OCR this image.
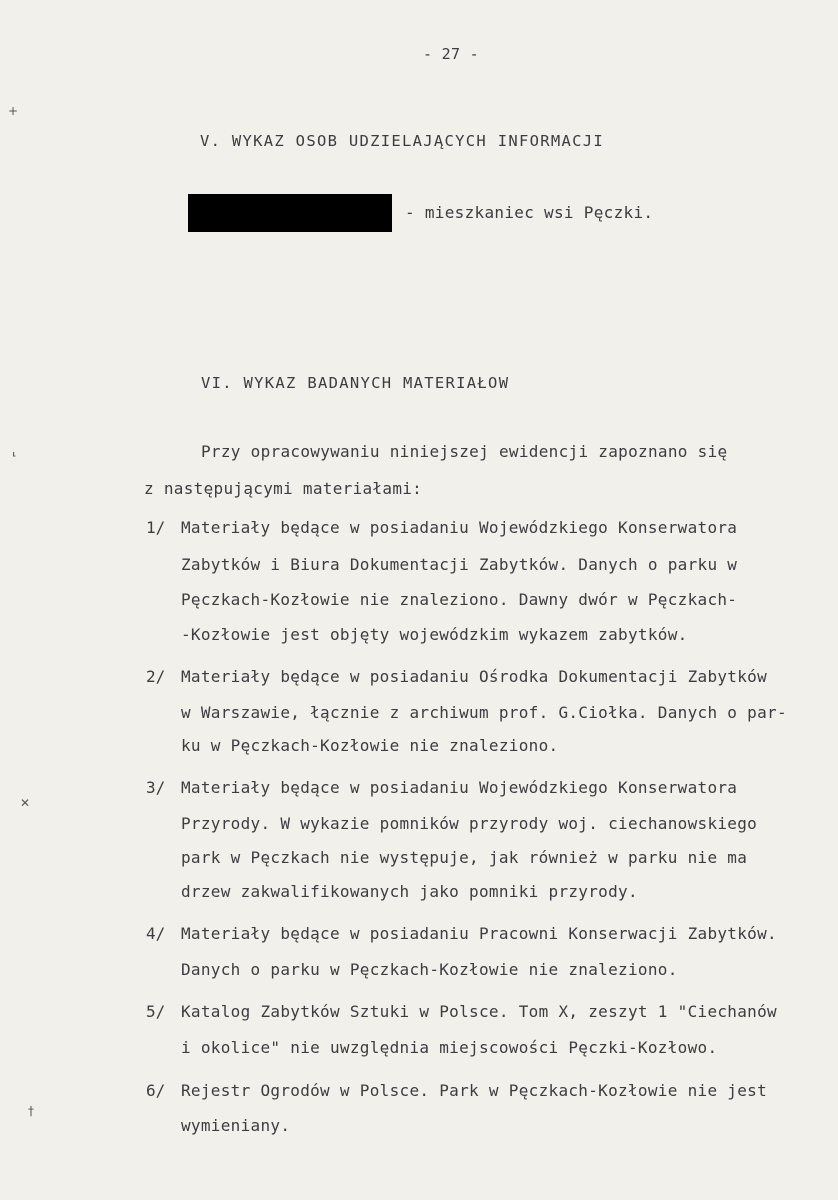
+
⸤
✕
†
- 27 -
V. WYKAZ OSOB UDZIELAJĄCYCH INFORMACJI
- mieszkaniec wsi Pęczki.
VI. WYKAZ BADANYCH MATERIAŁOW
Przy opracowywaniu niniejszej ewidencji zapoznano się
z następującymi materiałami:
1/ Materiały będące w posiadaniu Wojewódzkiego Konserwatora
Zabytków i Biura Dokumentacji Zabytków. Danych o parku w
Pęczkach-Kozłowie nie znaleziono. Dawny dwór w Pęczkach-
-Kozłowie jest objęty wojewódzkim wykazem zabytków.
2/ Materiały będące w posiadaniu Ośrodka Dokumentacji Zabytków
w Warszawie, łącznie z archiwum prof. G.Ciołka. Danych o par-
ku w Pęczkach-Kozłowie nie znaleziono.
3/ Materiały będące w posiadaniu Wojewódzkiego Konserwatora
Przyrody. W wykazie pomników przyrody woj. ciechanowskiego
park w Pęczkach nie występuje, jak również w parku nie ma
drzew zakwalifikowanych jako pomniki przyrody.
4/ Materiały będące w posiadaniu Pracowni Konserwacji Zabytków.
Danych o parku w Pęczkach-Kozłowie nie znaleziono.
5/ Katalog Zabytków Sztuki w Polsce. Tom X, zeszyt 1 "Ciechanów
i okolice" nie uwzględnia miejscowości Pęczki-Kozłowo.
6/ Rejestr Ogrodów w Polsce. Park w Pęczkach-Kozłowie nie jest
wymieniany.
